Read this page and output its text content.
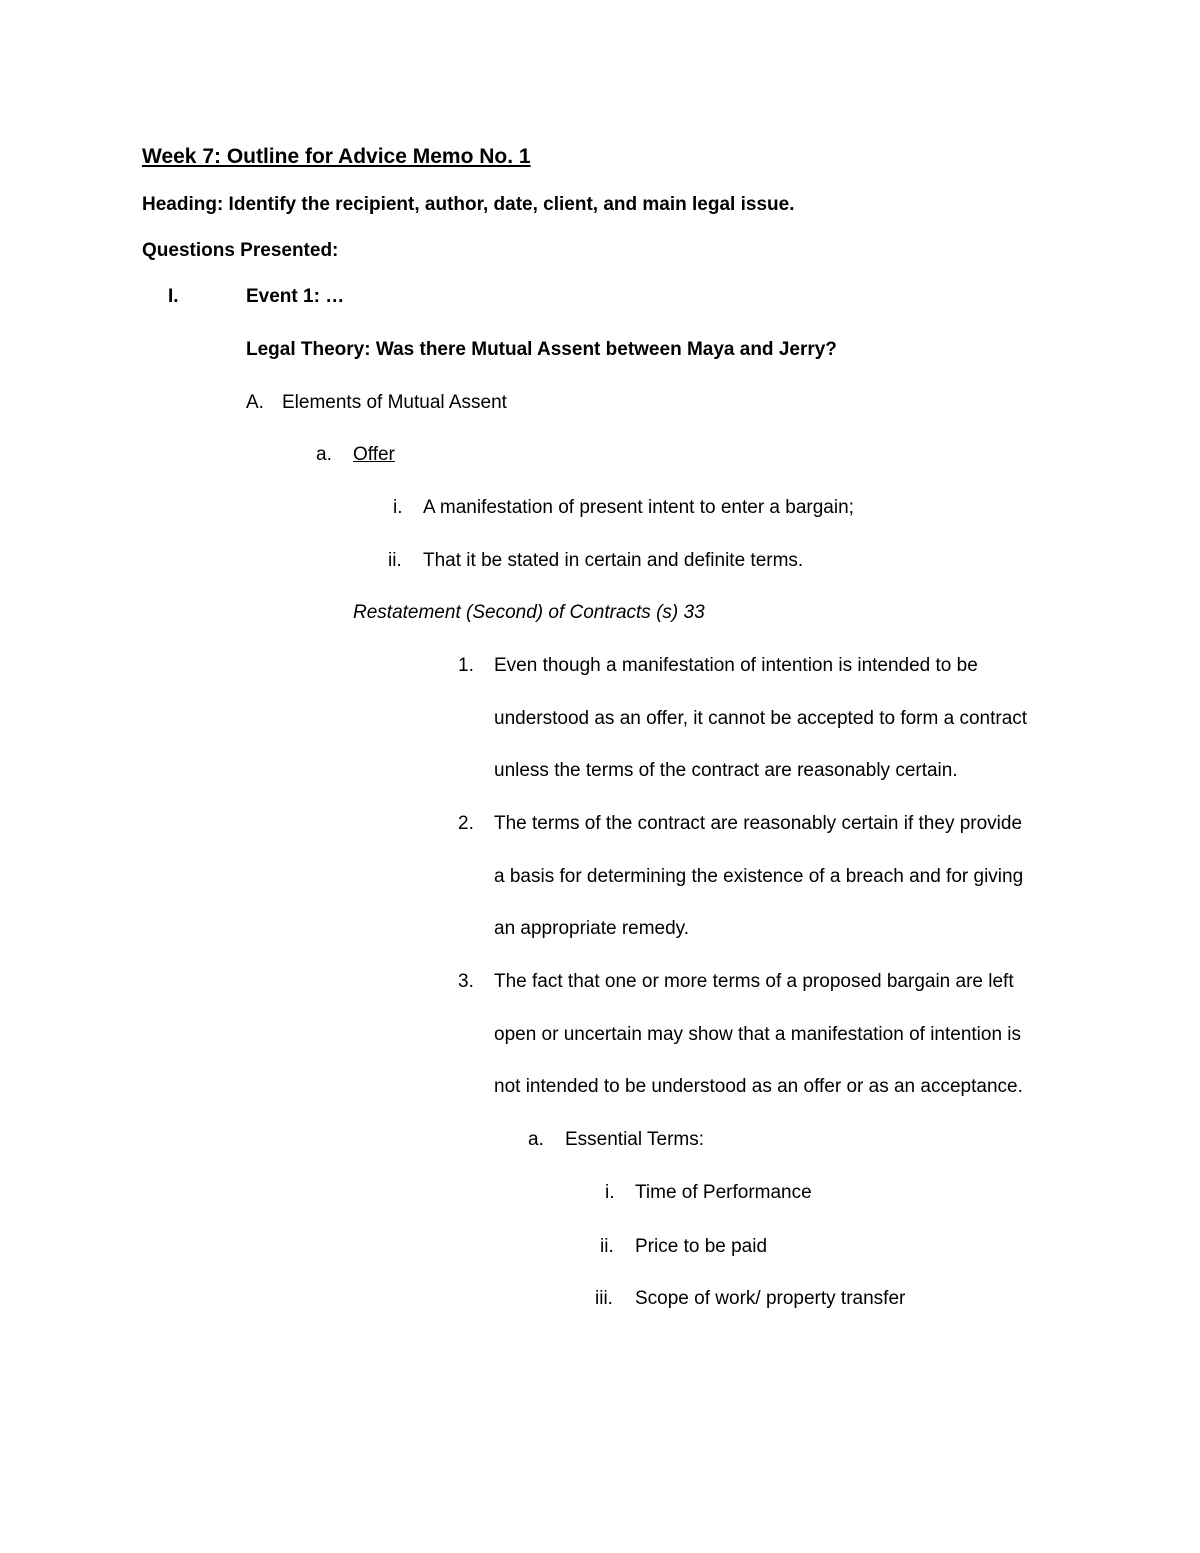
Week 7: Outline for Advice Memo No. 1
Heading: Identify the recipient, author, date, client, and main legal issue.
Questions Presented:
I.	Event 1: …
Legal Theory: Was there Mutual Assent between Maya and Jerry?
A. Elements of Mutual Assent
a. Offer
i. A manifestation of present intent to enter a bargain;
ii. That it be stated in certain and definite terms.
Restatement (Second) of Contracts (s) 33
1. Even though a manifestation of intention is intended to be
understood as an offer, it cannot be accepted to form a contract
unless the terms of the contract are reasonably certain.
2. The terms of the contract are reasonably certain if they provide
a basis for determining the existence of a breach and for giving
an appropriate remedy.
3. The fact that one or more terms of a proposed bargain are left
open or uncertain may show that a manifestation of intention is
not intended to be understood as an offer or as an acceptance.
a. Essential Terms:
i. Time of Performance
ii. Price to be paid
iii. Scope of work/ property transfer
